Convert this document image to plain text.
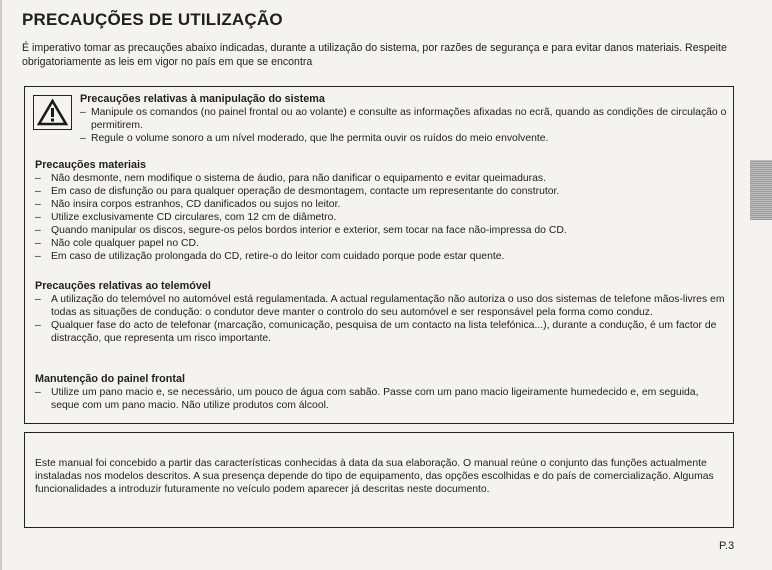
PRECAUÇÕES DE UTILIZAÇÃO

É imperativo tomar as precauções abaixo indicadas, durante a utilização do sistema, por razões de segurança e para evitar danos materiais. Respeite obrigatoriamente as leis em vigor no país em que se encontra

Precauções relativas à manipulação do sistema
– Manipule os comandos (no painel frontal ou ao volante) e consulte as informações afixadas no ecrã, quando as condições de circulação o permitirem.
– Regule o volume sonoro a um nível moderado, que lhe permita ouvir os ruídos do meio envolvente.
Precauções materiais
– Não desmonte, nem modifique o sistema de áudio, para não danificar o equipamento e evitar queimaduras.
– Em caso de disfunção ou para qualquer operação de desmontagem, contacte um representante do construtor.
– Não insira corpos estranhos, CD danificados ou sujos no leitor.
– Utilize exclusivamente CD circulares, com 12 cm de diâmetro.
– Quando manipular os discos, segure-os pelos bordos interior e exterior, sem tocar na face não-impressa do CD.
– Não cole qualquer papel no CD.
– Em caso de utilização prolongada do CD, retire-o do leitor com cuidado porque pode estar quente.
Precauções relativas ao telemóvel
– A utilização do telemóvel no automóvel está regulamentada. A actual regulamentação não autoriza o uso dos sistemas de telefone mãos-livres em todas as situações de condução: o condutor deve manter o controlo do seu automóvel e ser responsável pela forma como conduz.
– Qualquer fase do acto de telefonar (marcação, comunicação, pesquisa de um contacto na lista telefónica...), durante a condução, é um factor de distracção, que representa um risco importante.
Manutenção do painel frontal
– Utilize um pano macio e, se necessário, um pouco de água com sabão. Passe com um pano macio ligeiramente humedecido e, em seguida, seque com um pano macio. Não utilize produtos com álcool.

Este manual foi concebido a partir das características conhecidas à data da sua elaboração. O manual reúne o conjunto das funções actualmente instaladas nos modelos descritos. A sua presença depende do tipo de equipamento, das opções escolhidas e do país de comercialização. Algumas funcionalidades a introduzir futuramente no veículo podem aparecer já descritas neste documento.

P.3
